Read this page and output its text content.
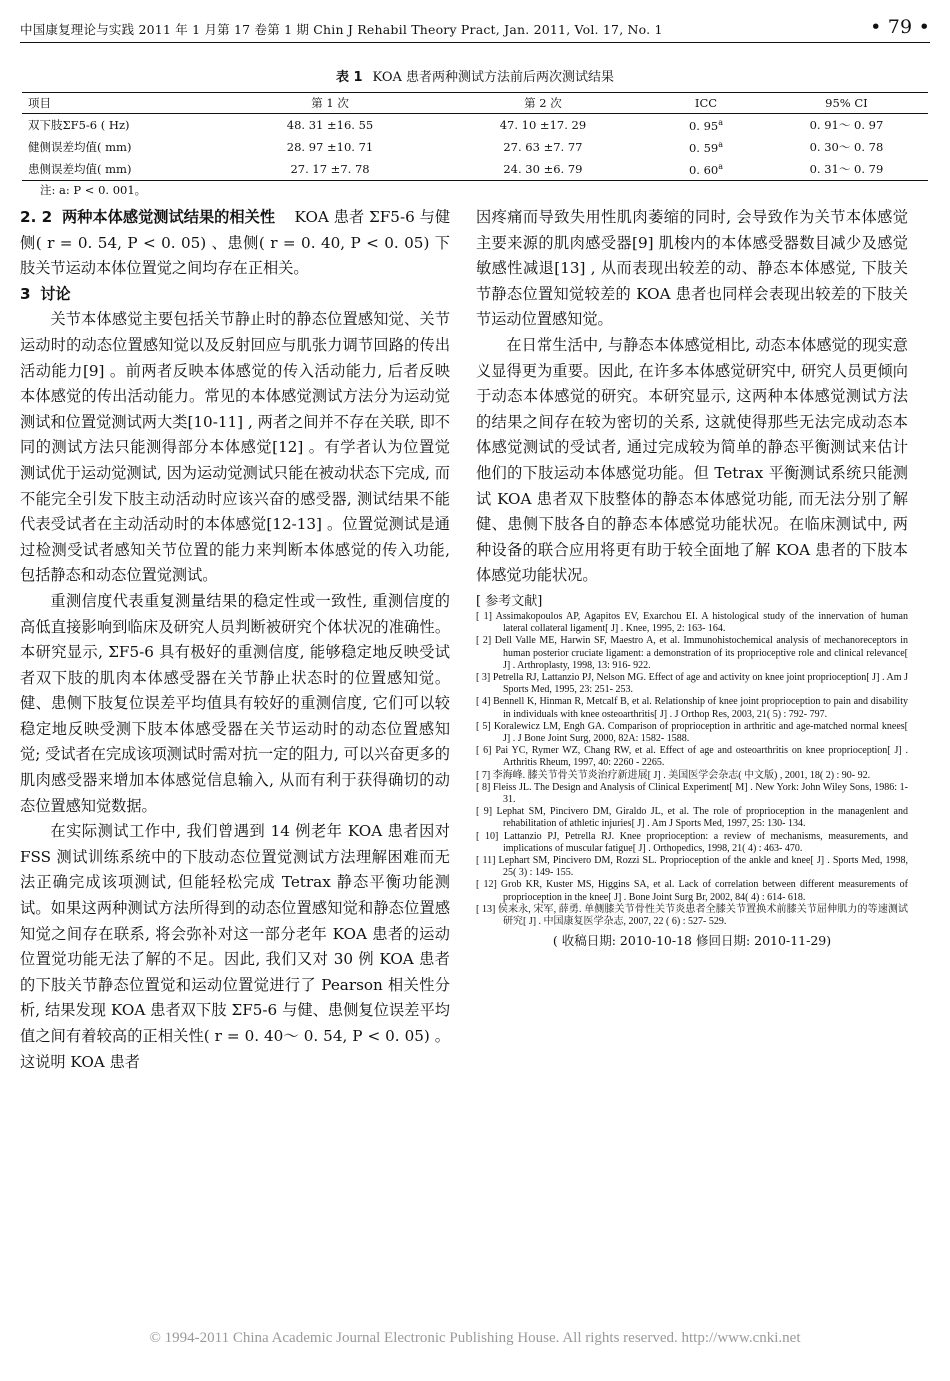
中国康复理论与实践 2011 年 1 月第 17 卷第 1 期 Chin J Rehabil Theory Pract, Jan. 2011, Vol. 17, No. 1	• 79 •
表 1 KOA 患者两种测试方法前后两次测试结果
项目	第 1 次	第 2 次	ICC	95% CI
双下肢ΣF5-6 ( Hz)	48. 31 ±16. 55	47. 10 ±17. 29	0. 95$^a$	0. 91～ 0. 97
健侧误差均值( mm)	28. 97 ±10. 71	27. 63 ±7. 77	0. 59$^a$	0. 30～ 0. 78
患侧误差均值( mm)	27. 17 ±7. 78	24. 30 ±6. 79	0. 60$^a$	0. 31～ 0. 79
注: a: P < 0. 001。

2. 2 两种本体感觉测试结果的相关性 KOA 患者 ΣF5-6 与健侧( r = 0. 54, P < 0. 05) 、患侧( r = 0. 40, P < 0. 05) 下肢关节运动本体位置觉之间均存在正相关。

3 讨论

关节本体感觉主要包括关节静止时的静态位置感知觉、关节运动时的动态位置感知觉以及反射回应与肌张力调节回路的传出活动能力[9] 。前两者反映本体感觉的传入活动能力, 后者反映本体感觉的传出活动能力。常见的本体感觉测试方法分为运动觉测试和位置觉测试两大类[10-11] , 两者之间并不存在关联, 即不同的测试方法只能测得部分本体感觉[12] 。有学者认为位置觉测试优于运动觉测试, 因为运动觉测试只能在被动状态下完成, 而不能完全引发下肢主动活动时应该兴奋的感受器, 测试结果不能代表受试者在主动活动时的本体感觉[12-13] 。位置觉测试是通过检测受试者感知关节位置的能力来判断本体感觉的传入功能, 包括静态和动态位置觉测试。

重测信度代表重复测量结果的稳定性或一致性, 重测信度的高低直接影响到临床及研究人员判断被研究个体状况的准确性。本研究显示, ΣF5-6 具有极好的重测信度, 能够稳定地反映受试者双下肢的肌肉本体感受器在关节静止状态时的位置感知觉。健、患侧下肢复位误差平均值具有较好的重测信度, 它们可以较稳定地反映受测下肢本体感受器在关节运动时的动态位置感知觉; 受试者在完成该项测试时需对抗一定的阻力, 可以兴奋更多的肌肉感受器来增加本体感觉信息输入, 从而有利于获得确切的动态位置感知觉数据。

在实际测试工作中, 我们曾遇到 14 例老年 KOA 患者因对 FSS 测试训练系统中的下肢动态位置觉测试方法理解困难而无法正确完成该项测试, 但能轻松完成 Tetrax 静态平衡功能测试。如果这两种测试方法所得到的动态位置感知觉和静态位置感知觉之间存在联系, 将会弥补对这一部分老年 KOA 患者的运动位置觉功能无法了解的不足。因此, 我们又对 30 例 KOA 患者的下肢关节静态位置觉和运动位置觉进行了 Pearson 相关性分析, 结果发现 KOA 患者双下肢 ΣF5-6 与健、患侧复位误差平均值之间有着较高的正相关性( r = 0. 40～ 0. 54, P < 0. 05) 。这说明 KOA 患者

因疼痛而导致失用性肌肉萎缩的同时, 会导致作为关节本体感觉主要来源的肌肉感受器[9] 肌梭内的本体感受器数目减少及感觉敏感性减退[13] , 从而表现出较差的动、静态本体感觉, 下肢关节静态位置知觉较差的 KOA 患者也同样会表现出较差的下肢关节运动位置感知觉。

在日常生活中, 与静态本体感觉相比, 动态本体感觉的现实意义显得更为重要。因此, 在许多本体感觉研究中, 研究人员更倾向于动态本体感觉的研究。本研究显示, 这两种本体感觉测试方法的结果之间存在较为密切的关系, 这就使得那些无法完成动态本体感觉测试的受试者, 通过完成较为简单的静态平衡测试来估计他们的下肢运动本体感觉功能。但 Tetrax 平衡测试系统只能测试 KOA 患者双下肢整体的静态本体感觉功能, 而无法分别了解健、患侧下肢各自的静态本体感觉功能状况。在临床测试中, 两种设备的联合应用将更有助于较全面地了解 KOA 患者的下肢本体感觉功能状况。

[ 参考文献]
[ 1] Assimakopoulos AP, Agapitos EV, Exarchou EI. A histological study of the innervation of human lateral collateral ligament[ J] . Knee, 1995, 2: 163- 164.
[ 2] Dell Valle ME, Harwin SF, Maestro A, et al. Immunohistochemical analysis of mechanoreceptors in human posterior cruciate ligament: a demonstration of its proprioceptive role and clinical relevance[ J] . Arthroplasty, 1998, 13: 916- 922.
[ 3] Petrella RJ, Lattanzio PJ, Nelson MG. Effect of age and activity on knee joint proprioception[ J] . Am J Sports Med, 1995, 23: 251- 253.
[ 4] Bennell K, Hinman R, Metcalf B, et al. Relationship of knee joint proprioception to pain and disability in individuals with knee osteoarthritis[ J] . J Orthop Res, 2003, 21( 5) : 792- 797.
[ 5] Koralewicz LM, Engh GA. Comparison of proprioception in arthritic and age-matched normal knees[ J] . J Bone Joint Surg, 2000, 82A: 1582- 1588.
[ 6] Pai YC, Rymer WZ, Chang RW, et al. Effect of age and osteoarthritis on knee proprioception[ J] . Arthritis Rheum, 1997, 40: 2260 - 2265.
[ 7] 李海峰. 膝关节骨关节炎治疗新进展[ J] . 美国医学会杂志( 中文版) , 2001, 18( 2) : 90- 92.
[ 8] Fleiss JL. The Design and Analysis of Clinical Experiment[ M] . New York: John Wiley Sons, 1986: 1- 31.
[ 9] Lephat SM, Pincivero DM, Giraldo JL, et al. The role of proprioception in the managenlent and rehabilitation of athletic injuries[ J] . Am J Sports Med, 1997, 25: 130- 134.
[ 10] Lattanzio PJ, Petrella RJ. Knee proprioception: a review of mechanisms, measurements, and implications of muscular fatigue[ J] . Orthopedics, 1998, 21( 4) : 463- 470.
[ 11] Lephart SM, Pincivero DM, Rozzi SL. Proprioception of the ankle and knee[ J] . Sports Med, 1998, 25( 3) : 149- 155.
[ 12] Grob KR, Kuster MS, Higgins SA, et al. Lack of correlation between different measurements of proprioception in the knee[ J] . Bone Joint Surg Br, 2002, 84( 4) : 614- 618.
[ 13] 侯来永, 宋军, 薛勇. 单侧膝关节骨性关节炎患者全膝关节置换术前膝关节屈伸肌力的等速测试研究[ J] . 中国康复医学杂志, 2007, 22 ( 6) : 527- 529.
( 收稿日期: 2010-10-18 修回日期: 2010-11-29)
© 1994-2011 China Academic Journal Electronic Publishing House. All rights reserved. http://www.cnki.net
